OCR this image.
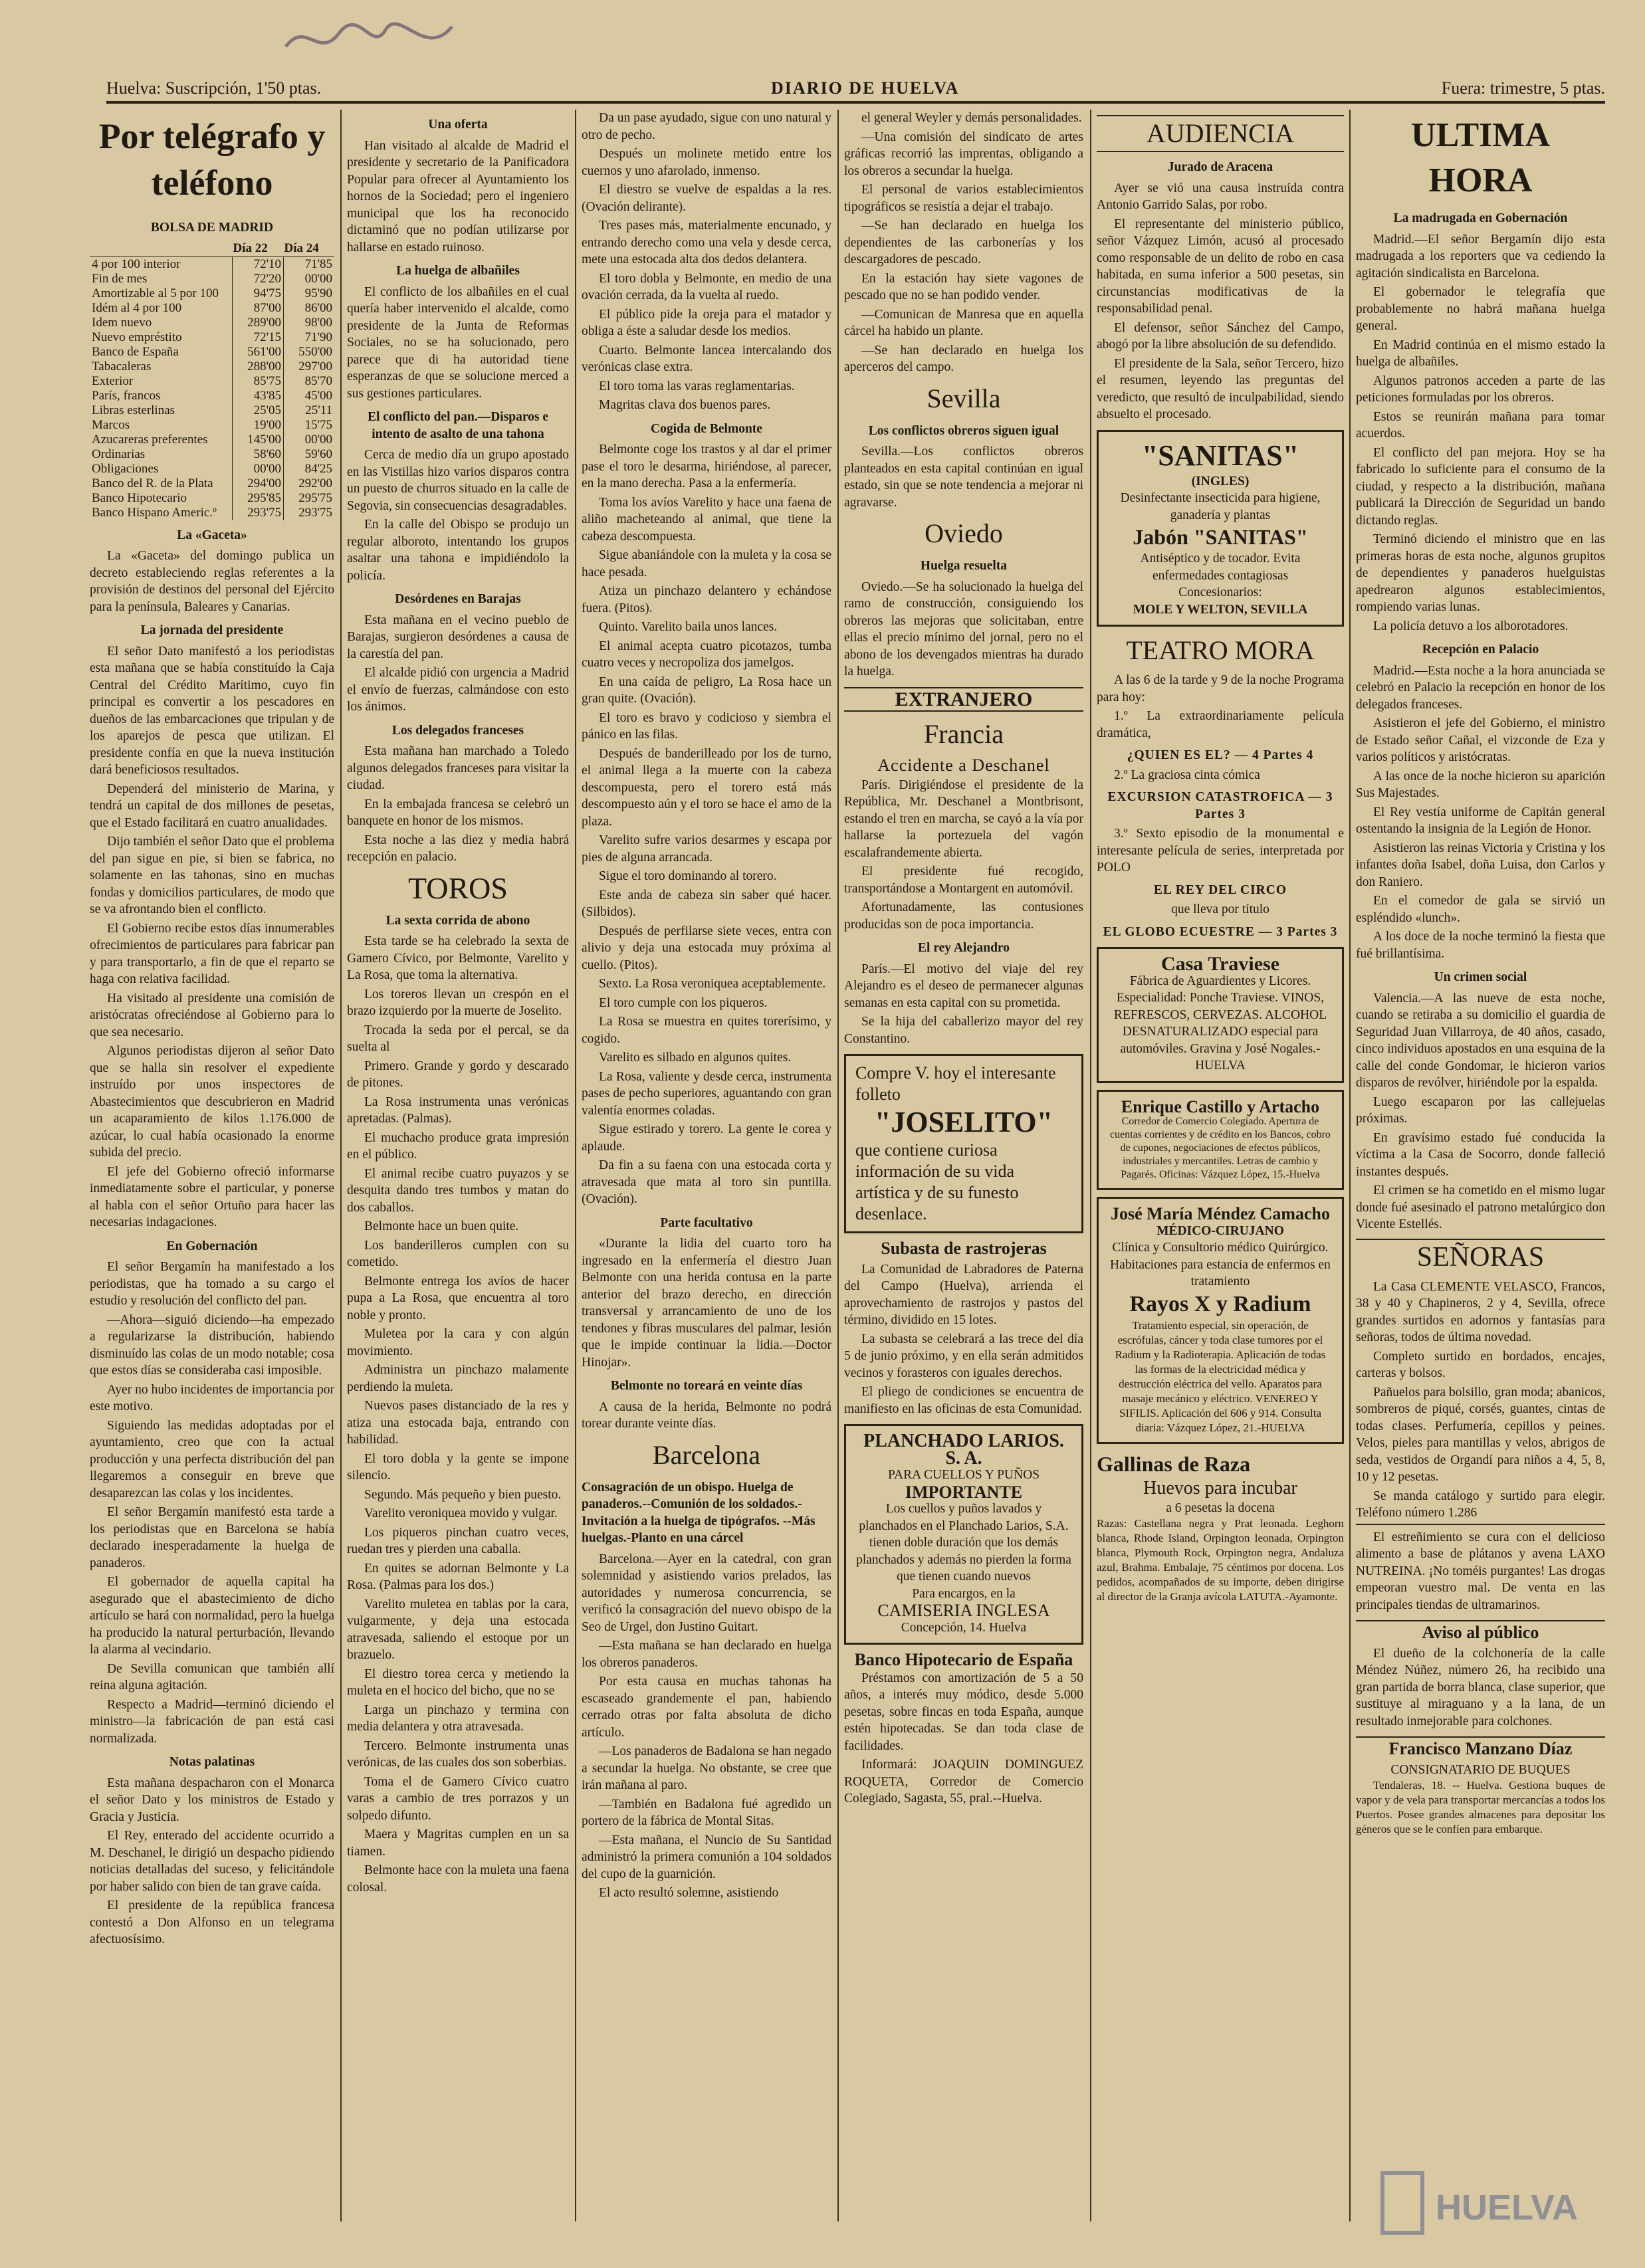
Huelva: Suscripción, 1'50 ptas.	DIARIO DE HUELVA	Fuera: trimestre, 5 ptas.
Por telégrafo y teléfono
BOLSA DE MADRID
	Día 22	Día 24
4 por 100 interior	72'10	71'85
Fin de mes	72'20	00'00
Amortizable al 5 por 100	94'75	95'90
Idém al 4 por 100	87'00	86'00
Idem nuevo	289'00	98'00
Nuevo empréstito	72'15	71'90
Banco de España	561'00	550'00
Tabacaleras	288'00	297'00
Exterior	85'75	85'70
París, francos	43'85	45'00
Libras esterlinas	25'05	25'11
Marcos	19'00	15'75
Azucareras preferentes	145'00	00'00
Ordinarias	58'60	59'60
Obligaciones	00'00	84'25
Banco del R. de la Plata	294'00	292'00
Banco Hipotecario	295'85	295'75
Banco Hispano Americ.º	293'75	293'75
La «Gaceta»

La «Gaceta» del domingo publica un decreto estableciendo reglas referentes a la provisión de destinos del personal del Ejército para la península, Baleares y Canarias.

La jornada del presidente

El señor Dato manifestó a los periodistas esta mañana que se había constituído la Caja Central del Crédito Marítimo, cuyo fin principal es convertir a los pescadores en dueños de las embarcaciones que tripulan y de los aparejos de pesca que utilizan. El presidente confía en que la nueva institución dará beneficiosos resultados.

Dependerá del ministerio de Marina, y tendrá un capital de dos millones de pesetas, que el Estado facilitará en cuatro anualidades.

Dijo también el señor Dato que el problema del pan sigue en pie, si bien se fabrica, no solamente en las tahonas, sino en muchas fondas y domicilios particulares, de modo que se va afrontando bien el conflicto.

El Gobierno recibe estos días innumerables ofrecimientos de particulares para fabricar pan y para transportarlo, a fin de que el reparto se haga con relativa facilidad.

Ha visitado al presidente una comisión de aristócratas ofreciéndose al Gobierno para lo que sea necesario.

Algunos periodistas dijeron al señor Dato que se halla sin resolver el expediente instruído por unos inspectores de Abastecimientos que descubrieron en Madrid un acaparamiento de kilos 1.176.000 de azúcar, lo cual había ocasionado la enorme subida del precio.

El jefe del Gobierno ofreció informarse inmediatamente sobre el particular, y ponerse al habla con el señor Ortuño para hacer las necesarias indagaciones.

En Gobernación

El señor Bergamín ha manifestado a los periodistas, que ha tomado a su cargo el estudio y resolución del conflicto del pan.

—Ahora—siguió diciendo—ha empezado a regularizarse la distribución, habiendo disminuído las colas de un modo notable; cosa que estos días se consideraba casi imposible.

Ayer no hubo incidentes de importancia por este motivo.

Siguiendo las medidas adoptadas por el ayuntamiento, creo que con la actual producción y una perfecta distribución del pan llegaremos a conseguir en breve que desaparezcan las colas y los incidentes.

El señor Bergamín manifestó esta tarde a los periodistas que en Barcelona se había declarado inesperadamente la huelga de panaderos.

El gobernador de aquella capital ha asegurado que el abastecimiento de dicho artículo se hará con normalidad, pero la huelga ha producido la natural perturbación, llevando la alarma al vecindario.

De Sevilla comunican que también allí reina alguna agitación.

Respecto a Madrid—terminó diciendo el ministro—la fabricación de pan está casi normalizada.

Notas palatinas

Esta mañana despacharon con el Monarca el señor Dato y los ministros de Estado y Gracia y Justicia.

El Rey, enterado del accidente ocurrido a M. Deschanel, le dirigió un despacho pidiendo noticias detalladas del suceso, y felicitándole por haber salido con bien de tan grave caída.

El presidente de la república francesa contestó a Don Alfonso en un telegrama afectuosísimo.

Una oferta

Han visitado al alcalde de Madrid el presidente y secretario de la Panificadora Popular para ofrecer al Ayuntamiento los hornos de la Sociedad; pero el ingeniero municipal que los ha reconocido dictaminó que no podían utilizarse por hallarse en estado ruinoso.

La huelga de albañiles

El conflicto de los albañiles en el cual quería haber intervenido el alcalde, como presidente de la Junta de Reformas Sociales, no se ha solucionado, pero parece que di ha autoridad tiene esperanzas de que se solucione merced a sus gestiones particulares.

El conflicto del pan.—Disparos e intento de asalto de una tahona

Cerca de medio día un grupo apostado en las Vistillas hizo varios disparos contra un puesto de churros situado en la calle de Segovia, sin consecuencias desagradables.

En la calle del Obispo se produjo un regular alboroto, intentando los grupos asaltar una tahona e impidiéndolo la policía.

Desórdenes en Barajas

Esta mañana en el vecino pueblo de Barajas, surgieron desórdenes a causa de la carestía del pan.

El alcalde pidió con urgencia a Madrid el envío de fuerzas, calmándose con esto los ánimos.

Los delegados franceses

Esta mañana han marchado a Toledo algunos delegados franceses para visitar la ciudad.

En la embajada francesa se celebró un banquete en honor de los mismos.

Esta noche a las diez y media habrá recepción en palacio.

TOROS
La sexta corrida de abono

Esta tarde se ha celebrado la sexta de Gamero Cívico, por Belmonte, Varelito y La Rosa, que toma la alternativa.

Los toreros llevan un crespón en el brazo izquierdo por la muerte de Joselito.

Trocada la seda por el percal, se da suelta al

Primero. Grande y gordo y descarado de pitones.

La Rosa instrumenta unas verónicas apretadas. (Palmas).

El muchacho produce grata impresión en el público.

El animal recibe cuatro puyazos y se desquita dando tres tumbos y matan do dos caballos.

Belmonte hace un buen quite.

Los banderilleros cumplen con su cometido.

Belmonte entrega los avíos de hacer pupa a La Rosa, que encuentra al toro noble y pronto.

Muletea por la cara y con algún movimiento.

Administra un pinchazo malamente perdiendo la muleta.

Nuevos pases distanciado de la res y atiza una estocada baja, entrando con habilidad.

El toro dobla y la gente se impone silencio.

Segundo. Más pequeño y bien puesto.

Varelito veroniquea movido y vulgar.

Los piqueros pinchan cuatro veces, ruedan tres y pierden una caballa.

En quites se adornan Belmonte y La Rosa. (Palmas para los dos.)

Varelito muletea en tablas por la cara, vulgarmente, y deja una estocada atravesada, saliendo el estoque por un brazuelo.

El diestro torea cerca y metiendo la muleta en el hocico del bicho, que no se

Larga un pinchazo y termina con media delantera y otra atravesada.

Tercero. Belmonte instrumenta unas verónicas, de las cuales dos son soberbias.

Toma el de Gamero Cívico cuatro varas a cambio de tres porrazos y un solpedo difunto.

Maera y Magritas cumplen en un sa tiamen.

Belmonte hace con la muleta una faena colosal.

Da un pase ayudado, sigue con uno natural y otro de pecho.

Después un molinete metido entre los cuernos y uno afarolado, inmenso.

El diestro se vuelve de espaldas a la res. (Ovación delirante).

Tres pases más, materialmente encunado, y entrando derecho como una vela y desde cerca, mete una estocada alta dos dedos delantera.

El toro dobla y Belmonte, en medio de una ovación cerrada, da la vuelta al ruedo.

El público pide la oreja para el matador y obliga a éste a saludar desde los medios.

Cuarto. Belmonte lancea intercalando dos verónicas clase extra.

El toro toma las varas reglamentarias.

Magritas clava dos buenos pares.

Cogida de Belmonte

Belmonte coge los trastos y al dar el primer pase el toro le desarma, hiriéndose, al parecer, en la mano derecha. Pasa a la enfermería.

Toma los avíos Varelito y hace una faena de aliño macheteando al animal, que tiene la cabeza descompuesta.

Sigue abaniándole con la muleta y la cosa se hace pesada.

Atiza un pinchazo delantero y echándose fuera. (Pitos).

Quinto. Varelito baila unos lances.

El animal acepta cuatro picotazos, tumba cuatro veces y necropoliza dos jamelgos.

En una caída de peligro, La Rosa hace un gran quite. (Ovación).

El toro es bravo y codicioso y siembra el pánico en las filas.

Después de banderilleado por los de turno, el animal llega a la muerte con la cabeza descompuesta, pero el torero está más descompuesto aún y el toro se hace el amo de la plaza.

Varelito sufre varios desarmes y escapa por pies de alguna arrancada.

Sigue el toro dominando al torero.

Este anda de cabeza sin saber qué hacer. (Silbidos).

Después de perfilarse siete veces, entra con alivio y deja una estocada muy próxima al cuello. (Pitos).

Sexto. La Rosa veroniquea aceptablemente.

El toro cumple con los piqueros.

La Rosa se muestra en quites torerísimo, y cogido.

Varelito es silbado en algunos quites.

La Rosa, valiente y desde cerca, instrumenta pases de pecho superiores, aguantando con gran valentía enormes coladas.

Sigue estirado y torero. La gente le corea y aplaude.

Da fin a su faena con una estocada corta y atravesada que mata al toro sin puntilla. (Ovación).

Parte facultativo

«Durante la lidia del cuarto toro ha ingresado en la enfermería el diestro Juan Belmonte con una herida contusa en la parte anterior del brazo derecho, en dirección transversal y arrancamiento de uno de los tendones y fibras musculares del palmar, lesión que le impide continuar la lidia.—Doctor Hinojar».

Belmonte no toreará en veinte días

A causa de la herida, Belmonte no podrá torear durante veinte días.

Barcelona
Consagración de un obispo. Huelga de panaderos.--Comunión de los soldados.-Invitación a la huelga de tipógrafos. --Más huelgas.-Planto en una cárcel

Barcelona.—Ayer en la catedral, con gran solemnidad y asistiendo varios prelados, las autoridades y numerosa concurrencia, se verificó la consagración del nuevo obispo de la Seo de Urgel, don Justino Guitart.

—Esta mañana se han declarado en huelga los obreros panaderos.

Por esta causa en muchas tahonas ha escaseado grandemente el pan, habiendo cerrado otras por falta absoluta de dicho artículo.

—Los panaderos de Badalona se han negado a secundar la huelga. No obstante, se cree que irán mañana al paro.

—También en Badalona fué agredido un portero de la fábrica de Montal Sitas.

—Esta mañana, el Nuncio de Su Santidad administró la primera comunión a 104 soldados del cupo de la guarnición.

El acto resultó solemne, asistiendo

el general Weyler y demás personalidades.

—Una comisión del sindicato de artes gráficas recorrió las imprentas, obligando a los obreros a secundar la huelga.

El personal de varios establecimientos tipográficos se resistía a dejar el trabajo.

—Se han declarado en huelga los dependientes de las carbonerías y los descargadores de pescado.

En la estación hay siete vagones de pescado que no se han podido vender.

—Comunican de Manresa que en aquella cárcel ha habido un plante.

—Se han declarado en huelga los aperceros del campo.

Sevilla
Los conflictos obreros siguen igual

Sevilla.—Los conflictos obreros planteados en esta capital continúan en igual estado, sin que se note tendencia a mejorar ni agravarse.

Oviedo
Huelga resuelta

Oviedo.—Se ha solucionado la huelga del ramo de construcción, consiguiendo los obreros las mejoras que solicitaban, entre ellas el precio mínimo del jornal, pero no el abono de los devengados mientras ha durado la huelga.

EXTRANJERO
Francia
Accidente a Deschanel

París. Dirigiéndose el presidente de la República, Mr. Deschanel a Montbrisont, estando el tren en marcha, se cayó a la vía por hallarse la portezuela del vagón escalafrandemente abierta.

El presidente fué recogido, transportándose a Montargent en automóvil.

Afortunadamente, las contusiones producidas son de poca importancia.

El rey Alejandro

París.—El motivo del viaje del rey Alejandro es el deseo de permanecer algunas semanas en esta capital con su prometida.

Se la hija del caballerizo mayor del rey Constantino.

Compre V. hoy el interesante folleto
"JOSELITO"
que contiene curiosa información de su vida artística y de su funesto desenlace.
Subasta de rastrojeras

La Comunidad de Labradores de Paterna del Campo (Huelva), arrienda el aprovechamiento de rastrojos y pastos del término, dividido en 15 lotes.

La subasta se celebrará a las trece del día 5 de junio próximo, y en ella serán admitidos vecinos y forasteros con iguales derechos.

El pliego de condiciones se encuentra de manifiesto en las oficinas de esta Comunidad.

PLANCHADO LARIOS. S. A.
PARA CUELLOS Y PUÑOS
IMPORTANTE
Los cuellos y puños lavados y planchados en el Planchado Larios, S.A. tienen doble duración que los demás planchados y además no pierden la forma que tienen cuando nuevos
Para encargos, en la
CAMISERIA INGLESA
Concepción, 14. Huelva
Banco Hipotecario de España

Préstamos con amortización de 5 a 50 años, a interés muy módico, desde 5.000 pesetas, sobre fincas en toda España, aunque estén hipotecadas. Se dan toda clase de facilidades.

Informará: JOAQUIN DOMINGUEZ ROQUETA, Corredor de Comercio Colegiado, Sagasta, 55, pral.--Huelva.

AUDIENCIA
Jurado de Aracena

Ayer se vió una causa instruída contra Antonio Garrido Salas, por robo.

El representante del ministerio público, señor Vázquez Limón, acusó al procesado como responsable de un delito de robo en casa habitada, en suma inferior a 500 pesetas, sin circunstancias modificativas de la responsabilidad penal.

El defensor, señor Sánchez del Campo, abogó por la libre absolución de su defendido.

El presidente de la Sala, señor Tercero, hizo el resumen, leyendo las preguntas del veredicto, que resultó de inculpabilidad, siendo absuelto el procesado.

"SANITAS"
(INGLES)
Desinfectante insecticida para higiene, ganadería y plantas
Jabón "SANITAS"
Antiséptico y de tocador. Evita enfermedades contagiosas
Concesionarios:
MOLE Y WELTON, SEVILLA
TEATRO MORA

A las 6 de la tarde y 9 de la noche Programa para hoy:

1.º La extraordinariamente película dramática,

¿QUIEN ES EL? — 4 Partes 4

2.º La graciosa cinta cómica

EXCURSION CATASTROFICA — 3 Partes 3

3.º Sexto episodio de la monumental e interesante película de series, interpretada por POLO

EL REY DEL CIRCO
que lleva por título
EL GLOBO ECUESTRE — 3 Partes 3
Casa Traviese
Fábrica de Aguardientes y Licores. Especialidad: Ponche Traviese. VINOS, REFRESCOS, CERVEZAS. ALCOHOL DESNATURALIZADO especial para automóviles. Gravina y José Nogales.-HUELVA
Enrique Castillo y Artacho
Corredor de Comercio Colegiado. Apertura de cuentas corrientes y de crédito en los Bancos, cobro de cupones, negociaciones de efectos públicos, industriales y mercantiles. Letras de cambio y Pagarés. Oficinas: Vázquez López, 15.-Huelva
José María Méndez Camacho
MÉDICO-CIRUJANO
Clínica y Consultorio médico Quirúrgico. Habitaciones para estancia de enfermos en tratamiento
Rayos X y Radium
Tratamiento especial, sin operación, de escrófulas, cáncer y toda clase tumores por el Radium y la Radioterapia. Aplicación de todas las formas de la electricidad médica y destrucción eléctrica del vello. Aparatos para masaje mecánico y eléctrico. VENEREO Y SIFILIS. Aplicación del 606 y 914. Consulta diaria: Vázquez López, 21.-HUELVA
Gallinas de Raza
Huevos para incubar
a 6 pesetas la docena
Razas: Castellana negra y Prat leonada. Leghorn blanca, Rhode Island, Orpington leonada, Orpington blanca, Plymouth Rock, Orpington negra, Andaluza azul, Brahma. Embalaje, 75 céntimos por docena. Los pedidos, acompañados de su importe, deben dirigirse al director de la Granja avícola LATUTA.-Ayamonte.
ULTIMA HORA
La madrugada en Gobernación

Madrid.—El señor Bergamín dijo esta madrugada a los reporters que va cediendo la agitación sindicalista en Barcelona.

El gobernador le telegrafía que probablemente no habrá mañana huelga general.

En Madrid continúa en el mismo estado la huelga de albañiles.

Algunos patronos acceden a parte de las peticiones formuladas por los obreros.

Estos se reunirán mañana para tomar acuerdos.

El conflicto del pan mejora. Hoy se ha fabricado lo suficiente para el consumo de la ciudad, y respecto a la distribución, mañana publicará la Dirección de Seguridad un bando dictando reglas.

Terminó diciendo el ministro que en las primeras horas de esta noche, algunos grupitos de dependientes y panaderos huelguistas apedrearon algunos establecimientos, rompiendo varias lunas.

La policía detuvo a los alborotadores.

Recepción en Palacio

Madrid.—Esta noche a la hora anunciada se celebró en Palacio la recepción en honor de los delegados franceses.

Asistieron el jefe del Gobierno, el ministro de Estado señor Cañal, el vizconde de Eza y varios políticos y aristócratas.

A las once de la noche hicieron su aparición Sus Majestades.

El Rey vestía uniforme de Capitán general ostentando la insignia de la Legión de Honor.

Asistieron las reinas Victoria y Cristina y los infantes doña Isabel, doña Luisa, don Carlos y don Raniero.

En el comedor de gala se sirvió un espléndido «lunch».

A los doce de la noche terminó la fiesta que fué brillantísima.

Un crimen social

Valencia.—A las nueve de esta noche, cuando se retiraba a su domicilio el guardia de Seguridad Juan Villarroya, de 40 años, casado, cinco individuos apostados en una esquina de la calle del conde Gondomar, le hicieron varios disparos de revólver, hiriéndole por la espalda.

Luego escaparon por las callejuelas próximas.

En gravísimo estado fué conducida la víctima a la Casa de Socorro, donde falleció instantes después.

El crimen se ha cometido en el mismo lugar donde fué asesinado el patrono metalúrgico don Vicente Estellés.

SEÑORAS

La Casa CLEMENTE VELASCO, Francos, 38 y 40 y Chapineros, 2 y 4, Sevilla, ofrece grandes surtidos en adornos y fantasías para señoras, todos de última novedad.

Completo surtido en bordados, encajes, carteras y bolsos.

Pañuelos para bolsillo, gran moda; abanicos, sombreros de piqué, corsés, guantes, cintas de todas clases. Perfumería, cepillos y peines. Velos, pieles para mantillas y velos, abrigos de seda, vestidos de Organdí para niños a 4, 5, 8, 10 y 12 pesetas.

Se manda catálogo y surtido para elegir. Teléfono número 1.286

El estreñimiento se cura con el delicioso alimento a base de plátanos y avena LAXO NUTREINA. ¡No toméis purgantes! Las drogas empeoran vuestro mal. De venta en las principales tiendas de ultramarinos.

Aviso al público

El dueño de la colchonería de la calle Méndez Núñez, número 26, ha recibido una gran partida de borra blanca, clase superior, que sustituye al miraguano y a la lana, de un resultado inmejorable para colchones.

Francisco Manzano Díaz
CONSIGNATARIO DE BUQUES

Tendaleras, 18. -- Huelva. Gestiona buques de vapor y de vela para transportar mercancías a todos los Puertos. Posee grandes almacenes para depositar los géneros que se le confíen para embarque.

HUELVA
